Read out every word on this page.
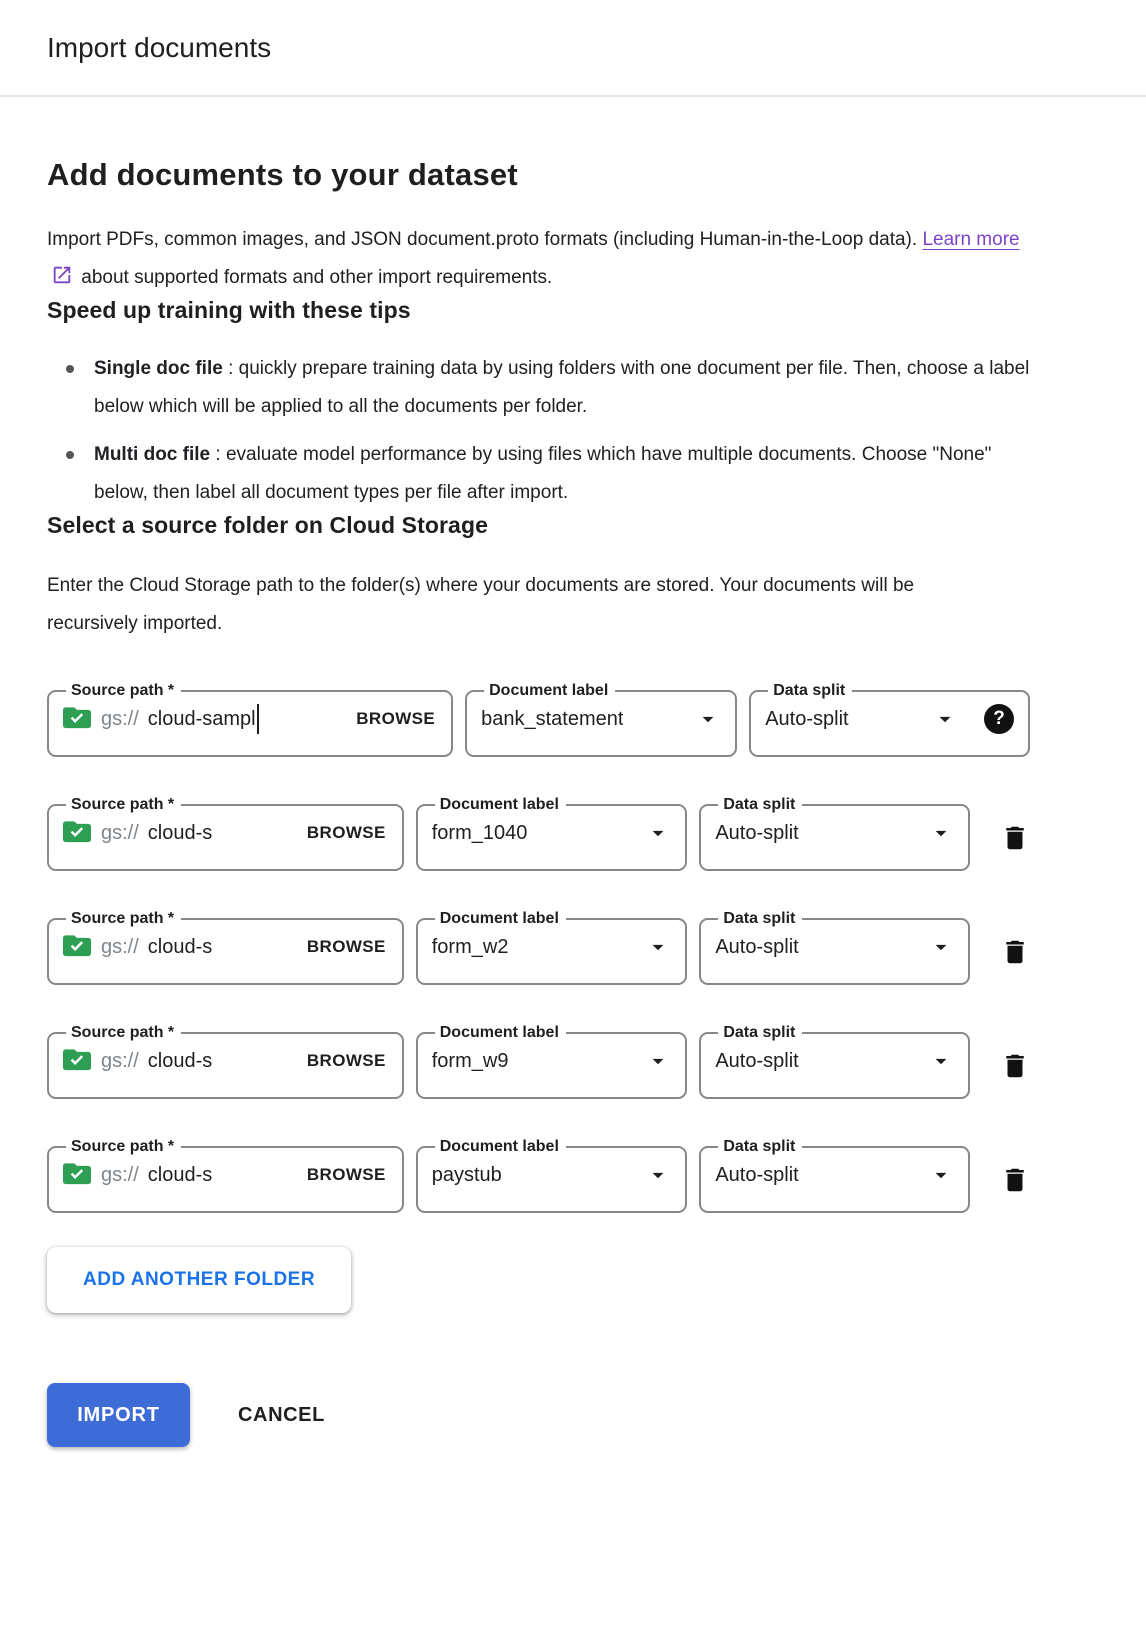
Import documents
Add documents to your dataset

Import PDFs, common images, and JSON document.proto formats (including Human-in-the-Loop data). Learn more
about supported formats and other import requirements.

Speed up training with these tips
Single doc file : quickly prepare training data by using folders with one document per file. Then, choose a label below which will be applied to all the documents per folder.
Multi doc file : evaluate model performance by using files which have multiple documents. Choose "None" below, then label all document types per file after import.
Select a source folder on Cloud Storage

Enter the Cloud Storage path to the folder(s) where your documents are stored. Your documents will be recursively imported.

Source path *
gs:// cloud-sampl	BROWSE
Document label
bank_statement
Data split
Auto-split	?
Source path *
gs:// cloud-s	BROWSE
Document label
form_1040
Data split
Auto-split
Source path *
gs:// cloud-s	BROWSE
Document label
form_w2
Data split
Auto-split
Source path *
gs:// cloud-s	BROWSE
Document label
form_w9
Data split
Auto-split
Source path *
gs:// cloud-s	BROWSE
Document label
paystub
Data split
Auto-split
ADD ANOTHER FOLDER
IMPORT	CANCEL
